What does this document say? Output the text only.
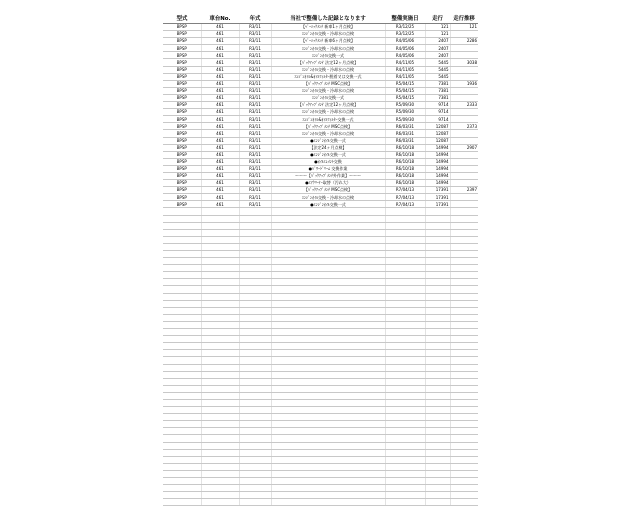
型式	車台No.	年式	当社で整備した記録となります	整備実施日	走行	走行推移
BPSP	461	R3/11	【ﾍﾞｰｼｯｸﾒﾝﾃ 新車1ヶ月点検】	R3/12/25	121	121
BPSP	461	R3/11	ｴﾝｼﾞﾝｵｲﾙ交換・冷却水の点検	R3/12/25	121	
BPSP	461	R3/11	【ﾍﾞｰｼｯｸﾒﾝﾃ 新車6ヶ月点検】	R4/05/06	2407	2286
BPSP	461	R3/11	ｴﾝｼﾞﾝｵｲﾙ交換・冷却水の点検	R4/05/06	2407	
BPSP	461	R3/11	ｴﾝｼﾞﾝｵｲﾙ交換一式	R4/05/06	2407	
BPSP	461	R3/11	【ﾊﾞｯｸｱｯﾌﾟﾒﾝﾃ 法定12ヶ月点検】	R4/11/05	5445	3038
BPSP	461	R3/11	ｴﾝｼﾞﾝｵｲﾙ交換・冷却水の点検	R4/11/05	5445	
BPSP	461	R3/11	ｴﾝｼﾞﾝｵｲﾙ&ｵｲﾙﾌｨﾙﾀｰ脱着又は交換一式	R4/11/05	5445	
BPSP	461	R3/11	【ﾊﾞｯｸｱｯﾌﾟﾒﾝﾃ MSC点検】	R5/04/15	7381	1936
BPSP	461	R3/11	ｴﾝｼﾞﾝｵｲﾙ交換・冷却水の点検	R5/04/15	7381	
BPSP	461	R3/11	ｴﾝｼﾞﾝｵｲﾙ交換一式	R5/04/15	7381	
BPSP	461	R3/11	【ﾊﾞｯｸｱｯﾌﾟﾒﾝﾃ 法定12ヶ月点検】	R5/09/30	9714	2333
BPSP	461	R3/11	ｴﾝｼﾞﾝｵｲﾙ交換・冷却水の点検	R5/09/30	9714	
BPSP	461	R3/11	ｴﾝｼﾞﾝｵｲﾙ&ｵｲﾙﾌｨﾙﾀｰ交換一式	R5/09/30	9714	
BPSP	461	R3/11	【ﾊﾞｯｸｱｯﾌﾟﾒﾝﾃ MSC点検】	R6/03/31	12087	2373
BPSP	461	R3/11	ｴﾝｼﾞﾝｵｲﾙ交換・冷却水の点検	R6/03/31	12087	
BPSP	461	R3/11	●ｴﾝｼﾞﾝｵｲﾙ交換一式	R6/03/31	12087	
BPSP	461	R3/11	【法定24ヶ月点検】	R6/10/18	14994	2907
BPSP	461	R3/11	●ｴﾝｼﾞﾝｵｲﾙ交換一式	R6/10/18	14994	
BPSP	461	R3/11	●ｵｲﾙｴﾚﾒﾝﾄ交換	R6/10/18	14994	
BPSP	461	R3/11	●ﾊﾟﾜｰﾄﾞﾘｰﾑ 交換作業	R6/10/18	14994	
BPSP	461	R3/11	～～～【ﾊﾞｯｸｱｯﾌﾟﾒﾝﾃ外作業】～～～	R6/10/18	14994	
BPSP	461	R3/11	●ｴｱｸﾘｰﾅｰ取替（汚れ大）	R6/10/18	14994	
BPSP	461	R3/11	【ﾊﾞｯｸｱｯﾌﾟﾒﾝﾃ MSC点検】	R7/04/13	17391	2397
BPSP	461	R3/11	ｴﾝｼﾞﾝｵｲﾙ交換・冷却水の点検	R7/04/13	17391	
BPSP	461	R3/11	●ｴﾝｼﾞﾝｵｲﾙ交換一式	R7/04/13	17391	
